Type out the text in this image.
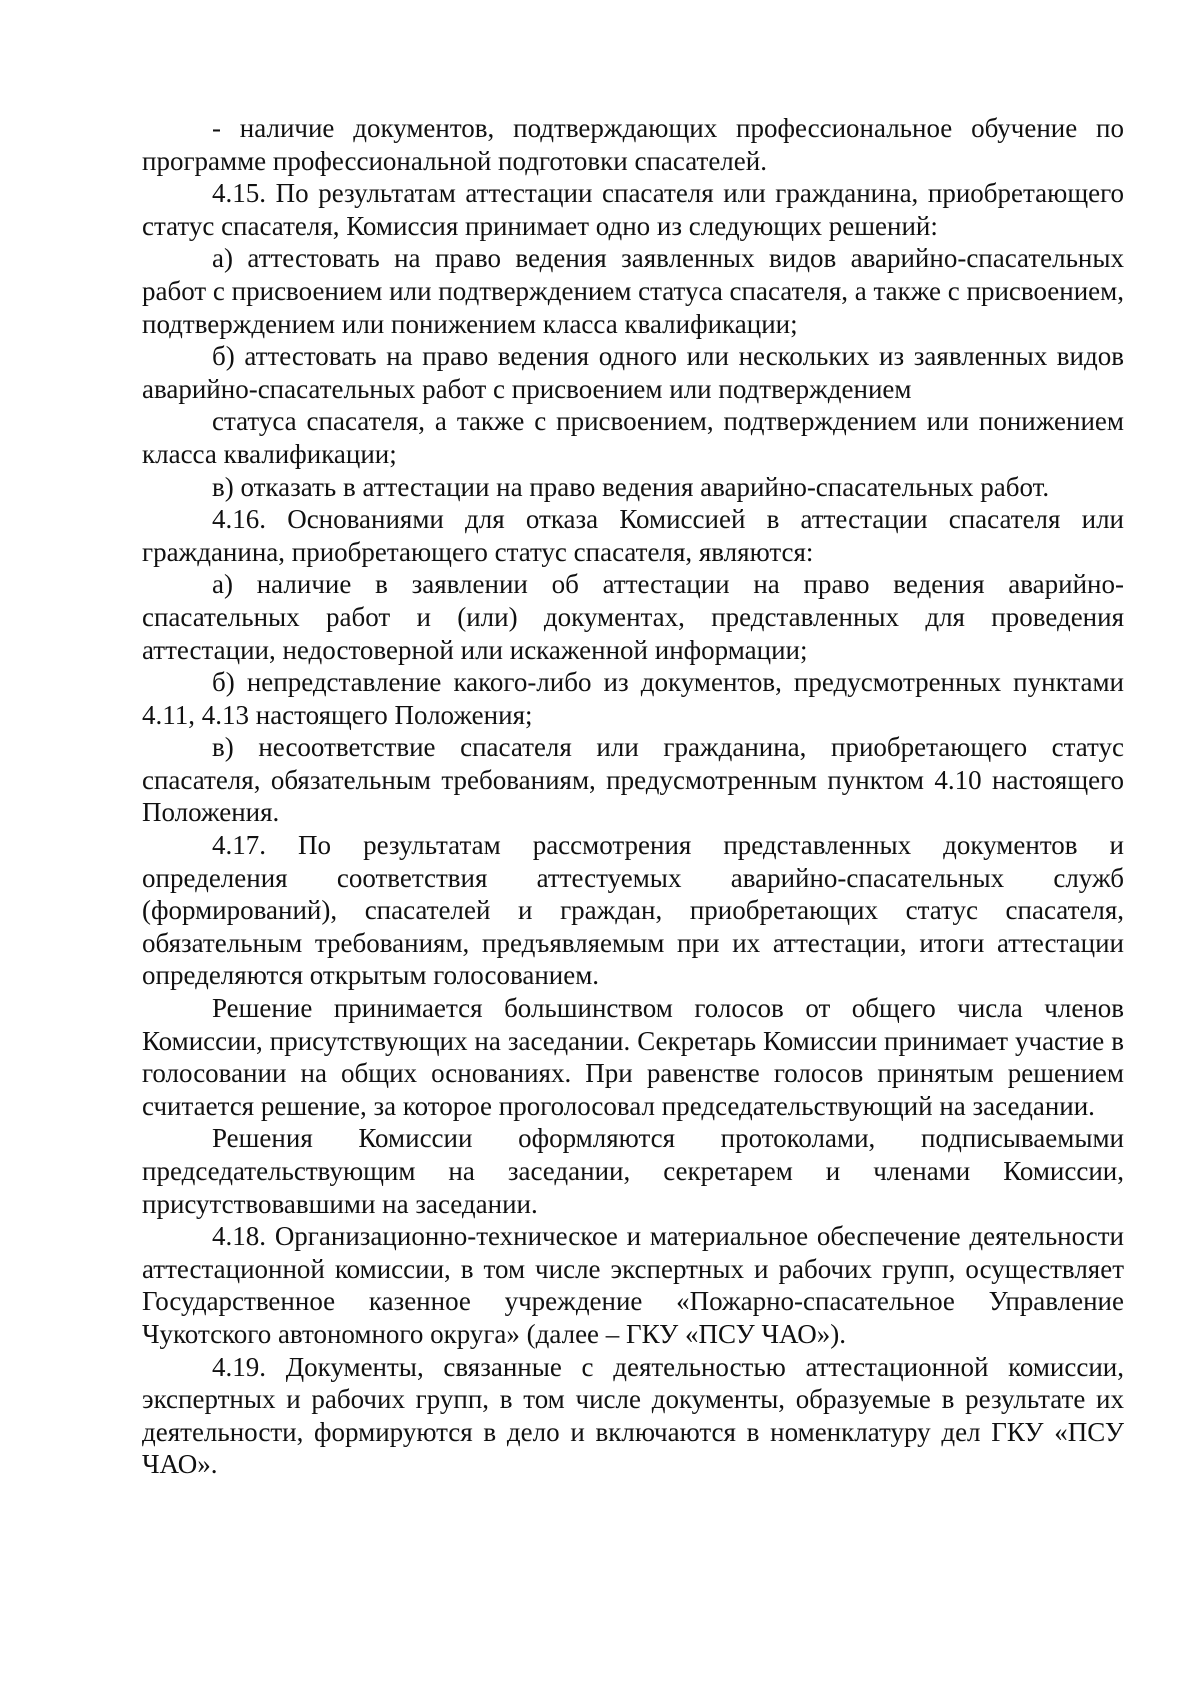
- наличие документов, подтверждающих профессиональное обучение по программе профессиональной подготовки спасателей.

4.15. По результатам аттестации спасателя или гражданина, приобретающего статус спасателя, Комиссия принимает одно из следующих решений:

а) аттестовать на право ведения заявленных видов аварийно-спасательных работ с присвоением или подтверждением статуса спасателя, а также с присвоением, подтверждением или понижением класса квалификации;

б) аттестовать на право ведения одного или нескольких из заявленных видов аварийно-спасательных работ с присвоением или подтверждением

статуса спасателя, а также с присвоением, подтверждением или понижением класса квалификации;

в) отказать в аттестации на право ведения аварийно-спасательных работ.

4.16. Основаниями для отказа Комиссией в аттестации спасателя или гражданина, приобретающего статус спасателя, являются:

а) наличие в заявлении об аттестации на право ведения аварийно-спасательных работ и (или) документах, представленных для проведения аттестации, недостоверной или искаженной информации;

б) непредставление какого-либо из документов, предусмотренных пунктами 4.11, 4.13 настоящего Положения;

в) несоответствие спасателя или гражданина, приобретающего статус спасателя, обязательным требованиям, предусмотренным пунктом 4.10 настоящего Положения.

4.17. По результатам рассмотрения представленных документов и определения соответствия аттестуемых аварийно-спасательных служб (формирований), спасателей и граждан, приобретающих статус спасателя, обязательным требованиям, предъявляемым при их аттестации, итоги аттестации определяются открытым голосованием.

Решение принимается большинством голосов от общего числа членов Комиссии, присутствующих на заседании. Секретарь Комиссии принимает участие в голосовании на общих основаниях. При равенстве голосов принятым решением считается решение, за которое проголосовал председательствующий на заседании.

Решения Комиссии оформляются протоколами, подписываемыми председательствующим на заседании, секретарем и членами Комиссии, присутствовавшими на заседании.

4.18. Организационно-техническое и материальное обеспечение деятельности аттестационной комиссии, в том числе экспертных и рабочих групп, осуществляет Государственное казенное учреждение «Пожарно-спасательное Управление Чукотского автономного округа» (далее – ГКУ «ПСУ ЧАО»).

4.19. Документы, связанные с деятельностью аттестационной комиссии, экспертных и рабочих групп, в том числе документы, образуемые в результате их деятельности, формируются в дело и включаются в номенклатуру дел ГКУ «ПСУ ЧАО».
